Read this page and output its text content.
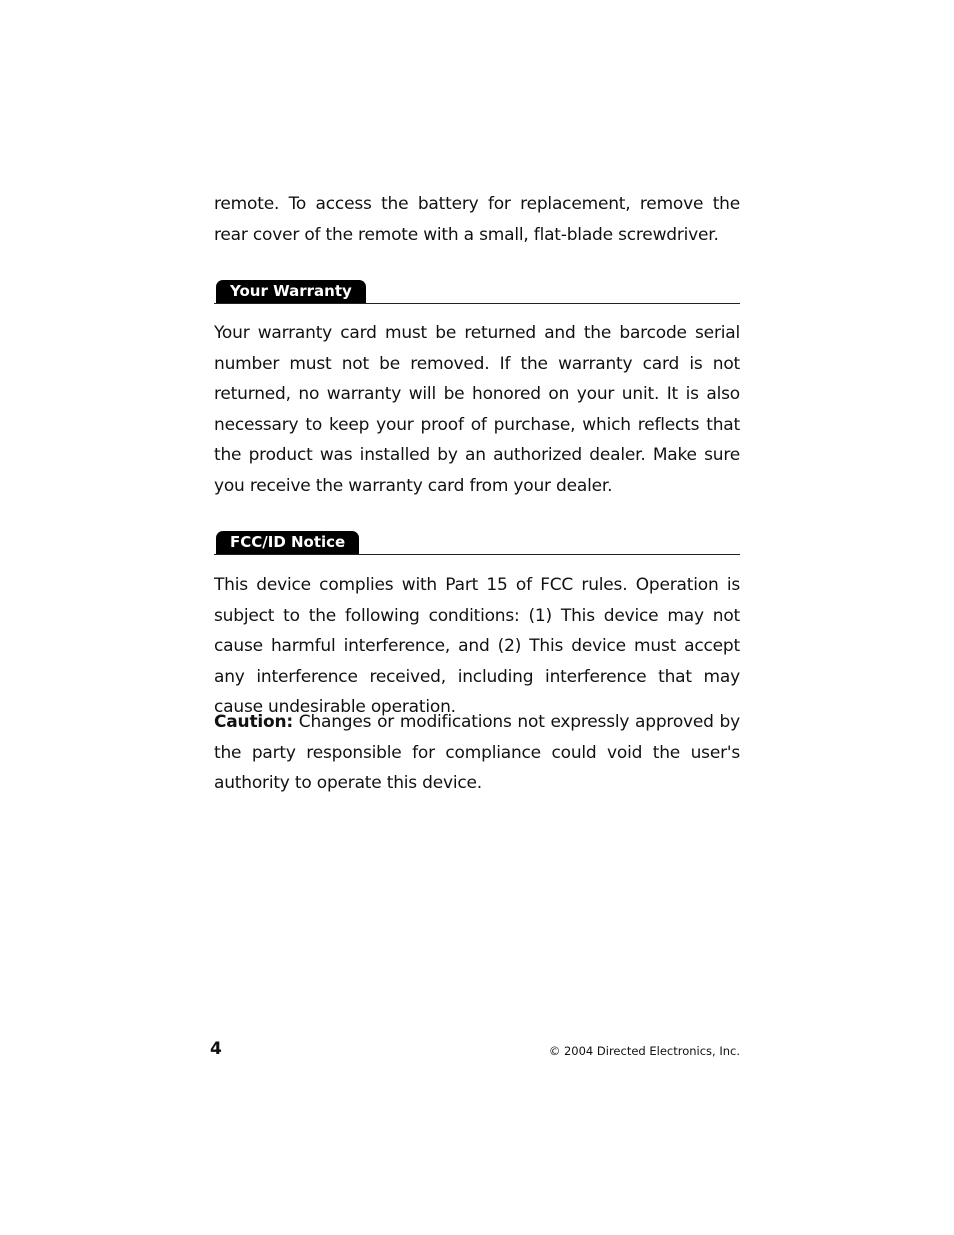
remote. To access the battery for replacement, remove the rear cover of the remote with a small, flat-blade screwdriver.

Your Warranty

Your warranty card must be returned and the barcode serial number must not be removed. If the warranty card is not returned, no warranty will be honored on your unit. It is also necessary to keep your proof of purchase, which reflects that the product was installed by an authorized dealer. Make sure you receive the warranty card from your dealer.

FCC/ID Notice

This device complies with Part 15 of FCC rules. Operation is subject to the following conditions: (1) This device may not cause harmful interference, and (2) This device must accept any interference received, including interference that may cause undesirable operation.

Caution: Changes or modifications not expressly approved by the party responsible for compliance could void the user's authority to operate this device.

4	© 2004 Directed Electronics, Inc.
